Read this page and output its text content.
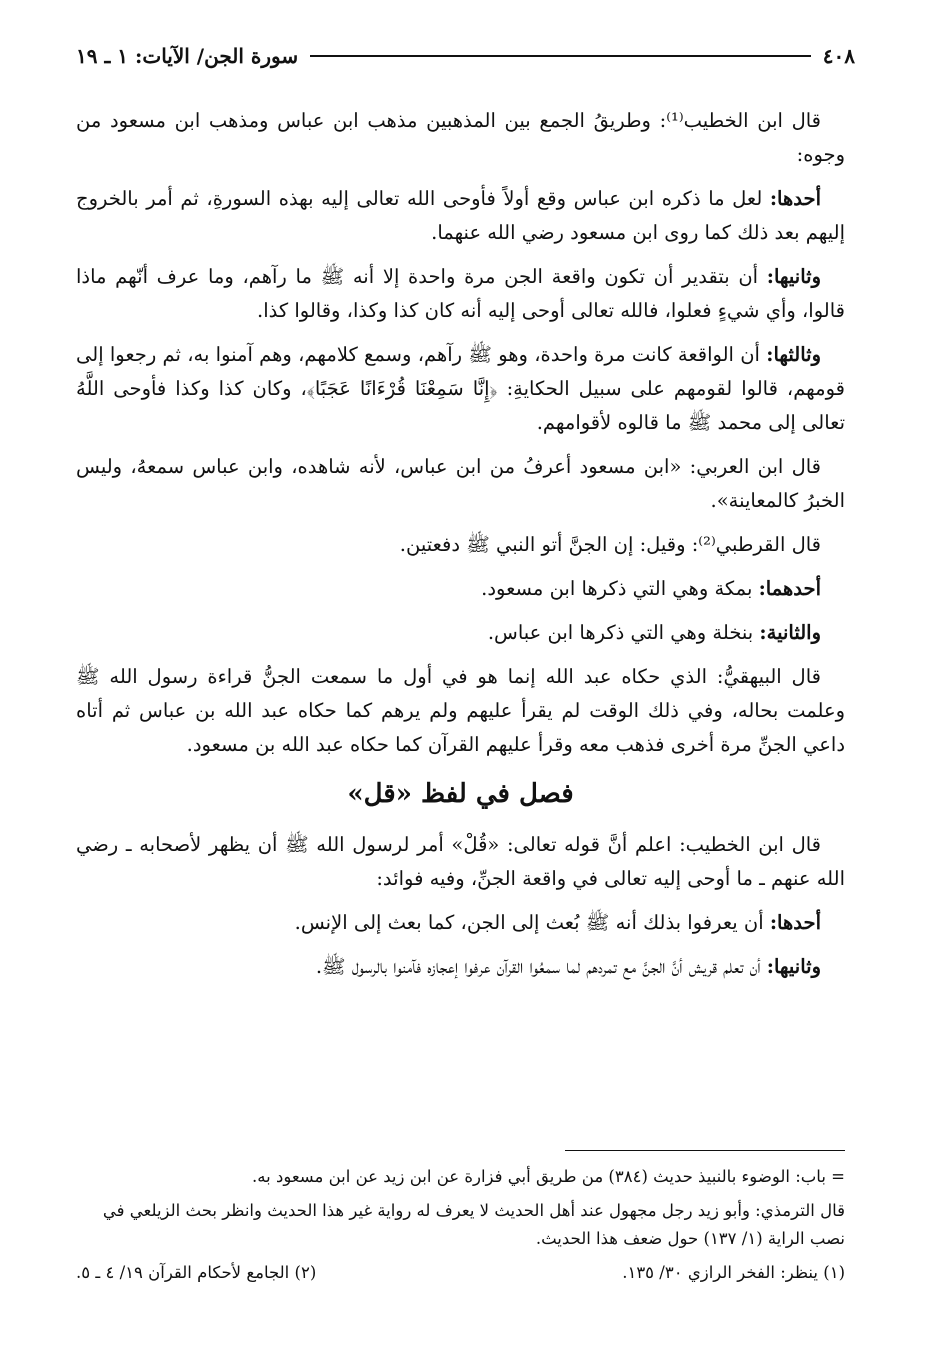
٤٠٨
سورة الجن/ الآيات: ١ ـ ١٩

قال ابن الخطيب⁽¹⁾: وطريقُ الجمع بين المذهبين مذهب ابن عباس ومذهب ابن مسعود من وجوه:

أحدها: لعل ما ذكره ابن عباس وقع أولاً فأوحى الله تعالى إليه بهذه السورةِ، ثم أمر بالخروج إليهم بعد ذلك كما روى ابن مسعود رضي الله عنهما.

وثانيها: أن بتقدير أن تكون واقعة الجن مرة واحدة إلا أنه ﷺ ما رآهم، وما عرف أنّهم ماذا قالوا، وأي شيءٍ فعلوا، فالله تعالى أوحى إليه أنه كان كذا وكذا، وقالوا كذا.

وثالثها: أن الواقعة كانت مرة واحدة، وهو ﷺ رآهم، وسمع كلامهم، وهم آمنوا به، ثم رجعوا إلى قومهم، قالوا لقومهم على سبيل الحكايةِ: ﴿إِنَّا سَمِعْنَا قُرْءَانًا عَجَبًا﴾، وكان كذا وكذا فأوحى اللَّهُ تعالى إلى محمد ﷺ ما قالوه لأقوامهم.

قال ابن العربي: «ابن مسعود أعرفُ من ابن عباس، لأنه شاهده، وابن عباس سمعهُ، وليس الخبرُ كالمعاينة».

قال القرطبي⁽²⁾: وقيل: إن الجنَّ أتو النبي ﷺ دفعتين.

أحدهما: بمكة وهي التي ذكرها ابن مسعود.

والثانية: بنخلة وهي التي ذكرها ابن عباس.

قال البيهقيُّ: الذي حكاه عبد الله إنما هو في أول ما سمعت الجنُّ قراءة رسول الله ﷺ وعلمت بحاله، وفي ذلك الوقت لم يقرأ عليهم ولم يرهم كما حكاه عبد الله بن عباس ثم أتاه داعي الجنِّ مرة أخرى فذهب معه وقرأ عليهم القرآن كما حكاه عبد الله بن مسعود.

فصل في لفظ «قل»

قال ابن الخطيب: اعلم أنَّ قوله تعالى: «قُلْ» أمر لرسول الله ﷺ أن يظهر لأصحابه ـ رضي الله عنهم ـ ما أوحى إليه تعالى في واقعة الجنِّ، وفيه فوائد:

أحدها: أن يعرفوا بذلك أنه ﷺ بُعث إلى الجن، كما بعث إلى الإنس.

وثانيها: أن تعلم قريش أنَّ الجنَّ مع تمردهم لما سمعُوا القرآن عرفوا إعجازه فآمنوا بالرسول ﷺ.

= باب: الوضوء بالنبيذ حديث (٣٨٤) من طريق أبي فزارة عن ابن زيد عن ابن مسعود به.

قال الترمذي: وأبو زيد رجل مجهول عند أهل الحديث لا يعرف له رواية غير هذا الحديث وانظر بحث الزيلعي في نصب الراية (١/ ١٣٧) حول ضعف هذا الحديث.

(١) ينظر: الفخر الرازي ٣٠/ ١٣٥.
(٢) الجامع لأحكام القرآن ١٩/ ٤ ـ ٥.
